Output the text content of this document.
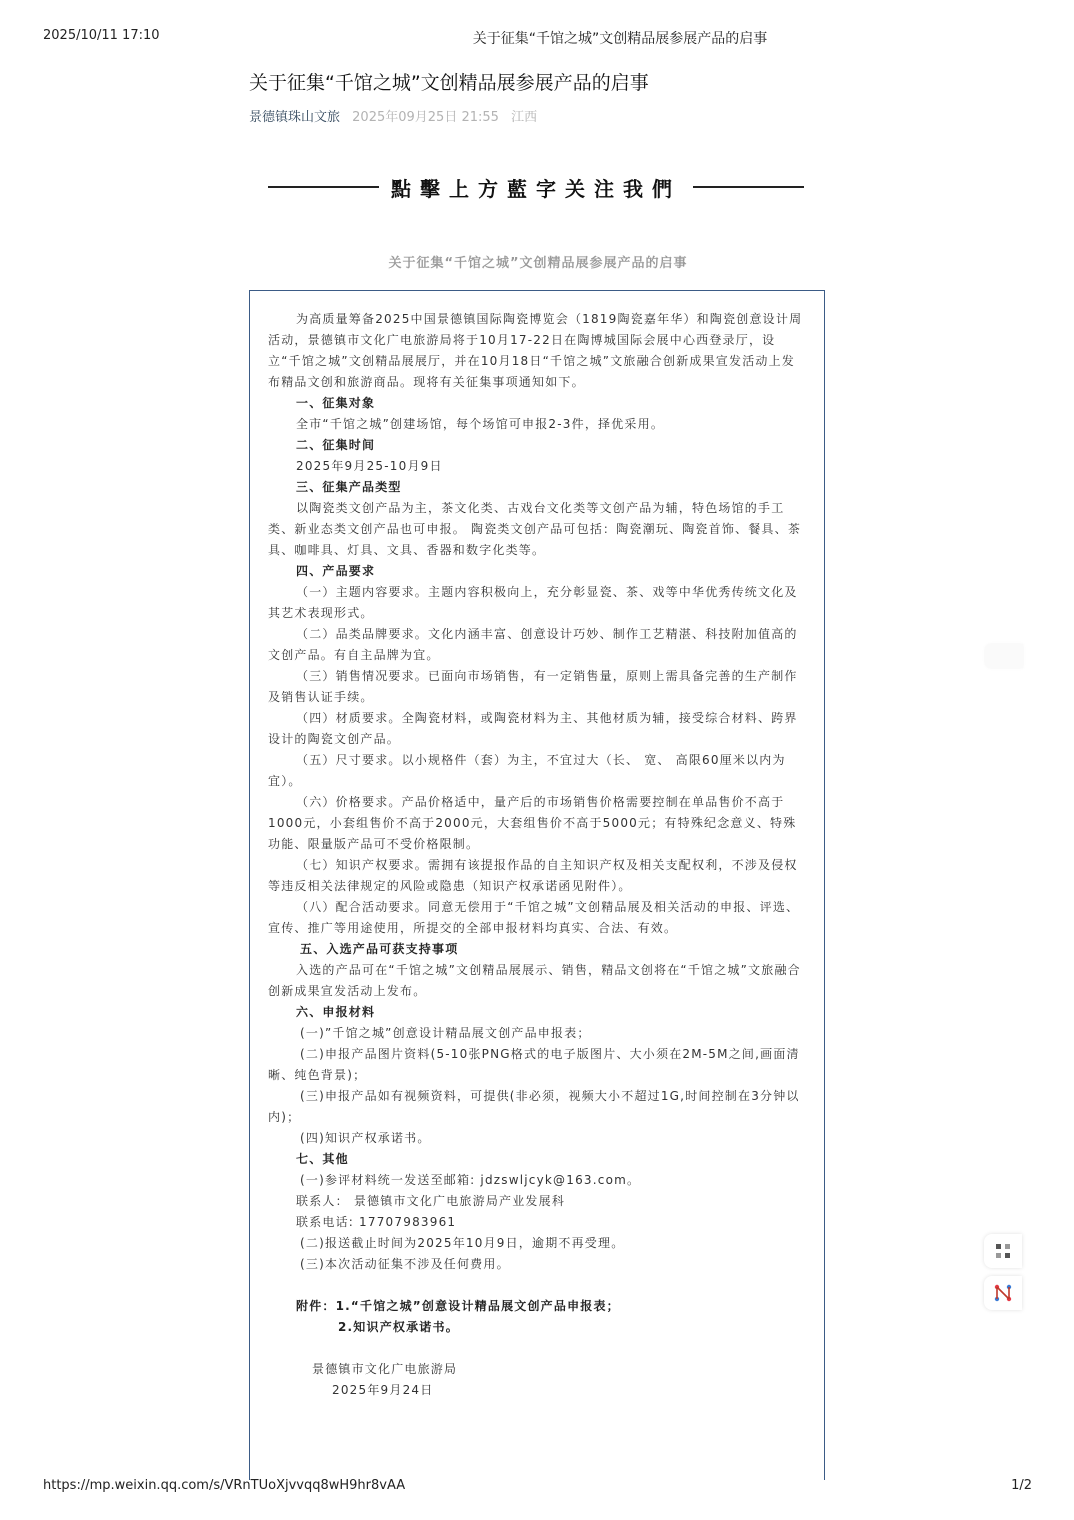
2025/10/11 17:10	关于征集“千馆之城”文创精品展参展产品的启事
关于征集“千馆之城”文创精品展参展产品的启事
景德镇珠山文旅 2025年09月25日 21:55 江西
點擊上方藍字关注我們
关于征集“千馆之城”文创精品展参展产品的启事

为高质量筹备2025中国景德镇国际陶瓷博览会（1819陶瓷嘉年华）和陶瓷创意设计周活动，景德镇市文化广电旅游局将于10月17-22日在陶博城国际会展中心西登录厅，设立“千馆之城”文创精品展展厅，并在10月18日“千馆之城”文旅融合创新成果宣发活动上发布精品文创和旅游商品。现将有关征集事项通知如下。

一、征集对象

全市“千馆之城”创建场馆，每个场馆可申报2-3件，择优采用。

二、征集时间

2025年9月25-10月9日

三、征集产品类型

以陶瓷类文创产品为主，茶文化类、古戏台文化类等文创产品为辅，特色场馆的手工类、新业态类文创产品也可申报。 陶瓷类文创产品可包括：陶瓷潮玩、陶瓷首饰、餐具、茶具、咖啡具、灯具、文具、香器和数字化类等。

四、产品要求

（一）主题内容要求。主题内容积极向上，充分彰显瓷、茶、戏等中华优秀传统文化及其艺术表现形式。

（二）品类品牌要求。文化内涵丰富、创意设计巧妙、制作工艺精湛、科技附加值高的文创产品。有自主品牌为宜。

（三）销售情况要求。已面向市场销售，有一定销售量，原则上需具备完善的生产制作及销售认证手续。

（四）材质要求。全陶瓷材料，或陶瓷材料为主、其他材质为辅，接受综合材料、跨界设计的陶瓷文创产品。

（五）尺寸要求。以小规格件（套）为主，不宜过大（长、 宽、 高限60厘米以内为宜）。

（六）价格要求。产品价格适中，量产后的市场销售价格需要控制在单品售价不高于1000元，小套组售价不高于2000元，大套组售价不高于5000元；有特殊纪念意义、特殊功能、限量版产品可不受价格限制。

（七）知识产权要求。需拥有该提报作品的自主知识产权及相关支配权利，不涉及侵权等违反相关法律规定的风险或隐患（知识产权承诺函见附件）。

（八）配合活动要求。同意无偿用于“千馆之城”文创精品展及相关活动的申报、评选、宣传、推广等用途使用，所提交的全部申报材料均真实、合法、有效。

五、入选产品可获支持事项

入选的产品可在“千馆之城”文创精品展展示、销售，精品文创将在“千馆之城”文旅融合创新成果宣发活动上发布。

六、申报材料

(一)”千馆之城”创意设计精品展文创产品申报表；

(二)申报产品图片资料(5-10张PNG格式的电子版图片、大小须在2M-5M之间,画面清晰、纯色背景)；

(三)申报产品如有视频资料，可提供(非必须，视频大小不超过1G,时间控制在3分钟以内)；

(四)知识产权承诺书。

七、其他

(一)参评材料统一发送至邮箱: jdzswljcyk@163.com。

联系人： 景德镇市文化广电旅游局产业发展科

联系电话: 17707983961

(二)报送截止时间为2025年10月9日，逾期不再受理。

(三)本次活动征集不涉及任何费用。

附件：1.“千馆之城”创意设计精品展文创产品申报表；

2.知识产权承诺书。

景德镇市文化广电旅游局

2025年9月24日

https://mp.weixin.qq.com/s/VRnTUoXjvvqq8wH9hr8vAA	1/2
